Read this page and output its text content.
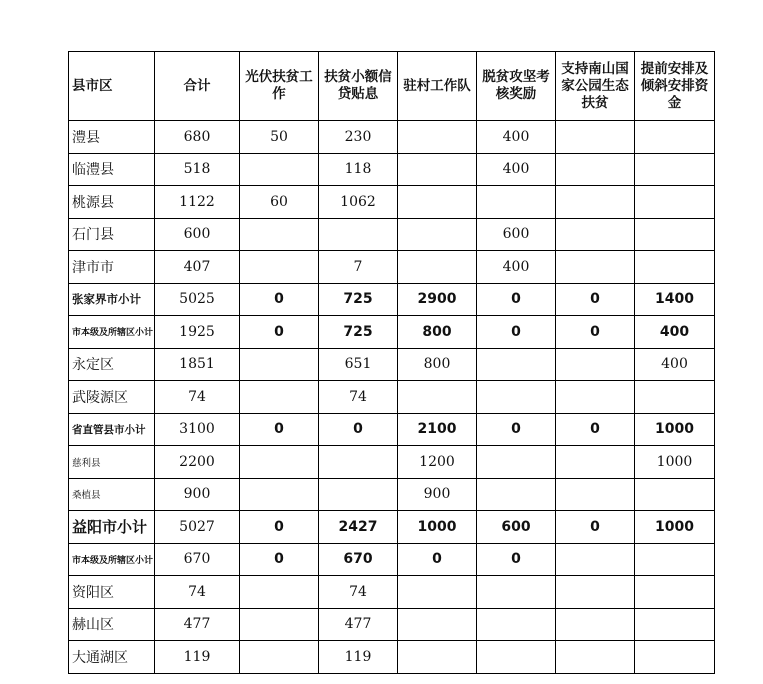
县市区	合计	光伏扶贫工作	扶贫小额信贷贴息	驻村工作队	脱贫攻坚考核奖励	支持南山国家公园生态扶贫	提前安排及倾斜安排资金
澧县	680	50	230		400		
临澧县	518		118		400		
桃源县	1122	60	1062				
石门县	600				600		
津市市	407		7		400		
张家界市小计	5025	0	725	2900	0	0	1400
市本级及所辖区小计	1925	0	725	800	0	0	400
永定区	1851		651	800			400
武陵源区	74		74				
省直管县市小计	3100	0	0	2100	0	0	1000
慈利县	2200			1200			1000
桑植县	900			900			
益阳市小计	5027	0	2427	1000	600	0	1000
市本级及所辖区小计	670	0	670	0	0		
资阳区	74		74				
赫山区	477		477				
大通湖区	119		119				
